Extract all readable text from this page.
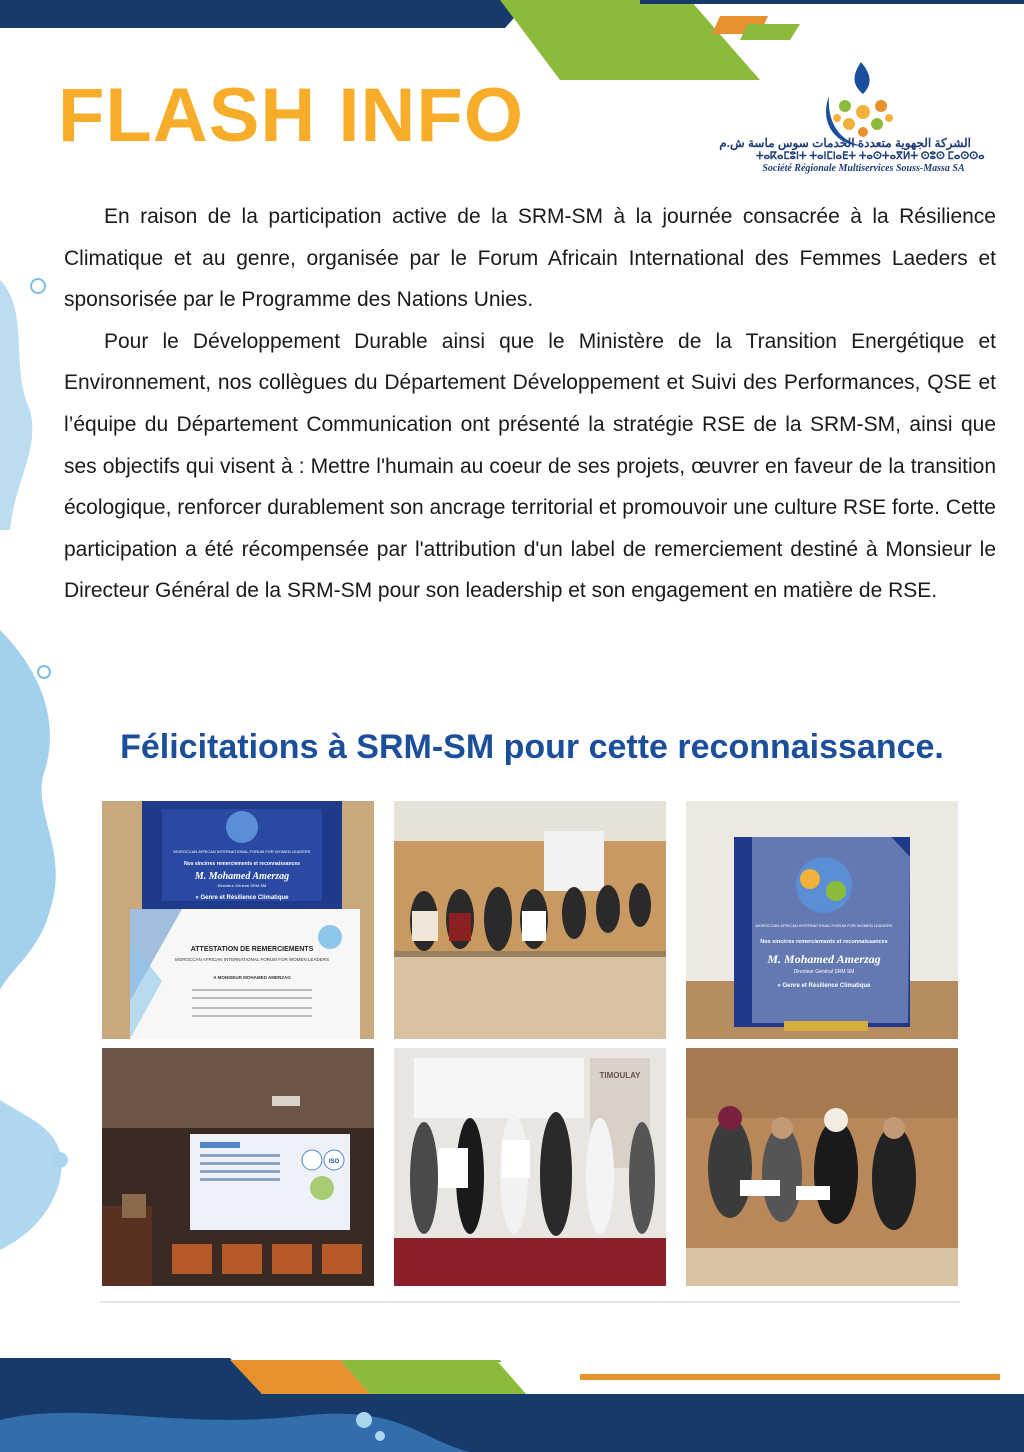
FLASH INFO	الشركة الجهوية متعددة الخدمات سوس ماسة ش.م
ⵜⴰⴽⴰⵎⵓⵏⵜ ⵜⴰⵏⵎⵏⴰⴹⵜ ⵜⴰⵙⵜⴰⴳⵍⵜ ⵙⵓⵙ ⵎⴰⵙⵙⴰ
Société Régionale Multiservices Souss-Massa SA

En raison de la participation active de la SRM-SM à la journée consacrée à la Résilience Climatique et au genre, organisée par le Forum Africain International des Femmes Laeders et sponsorisée par le Programme des Nations Unies.

Pour le Développement Durable ainsi que le Ministère de la Transition Energétique et Environnement, nos collègues du Département Développement et Suivi des Performances, QSE et l’équipe du Département Communication ont présenté la stratégie RSE de la SRM-SM, ainsi que ses objectifs qui visent à : Mettre l'humain au coeur de ses projets, œuvrer en faveur de la transition écologique, renforcer durablement son ancrage territorial et promouvoir une culture RSE forte. Cette participation a été récompensée par l'attribution d'un label de remerciement destiné à Monsieur le Directeur Général de la SRM-SM pour son leadership et son engagement en matière de RSE.

Félicitations à SRM-SM pour cette reconnaissance.
MOROCCAN AFRICAN INTERNATIONAL FORUM FOR WOMEN LEADERS
Nos sincères remerciements et reconnaissances
M. Mohamed Amerzag
Directeur Général SRM SM
« Genre et Résilience Climatique
ATTESTATION DE REMERCIEMENTS
MOROCCAN AFRICAN INTERNATIONAL FORUM FOR WOMEN LEADERS
A MONSIEUR MOHAMED AMERZAG
MOROCCAN AFRICAN INTERNATIONAL FORUM FOR WOMEN LEADERS
Nos sincères remerciements et reconnaissances
M. Mohamed Amerzag
Directeur Général SRM SM
« Genre et Résilience Climatique
ISO
TIMOULAY
